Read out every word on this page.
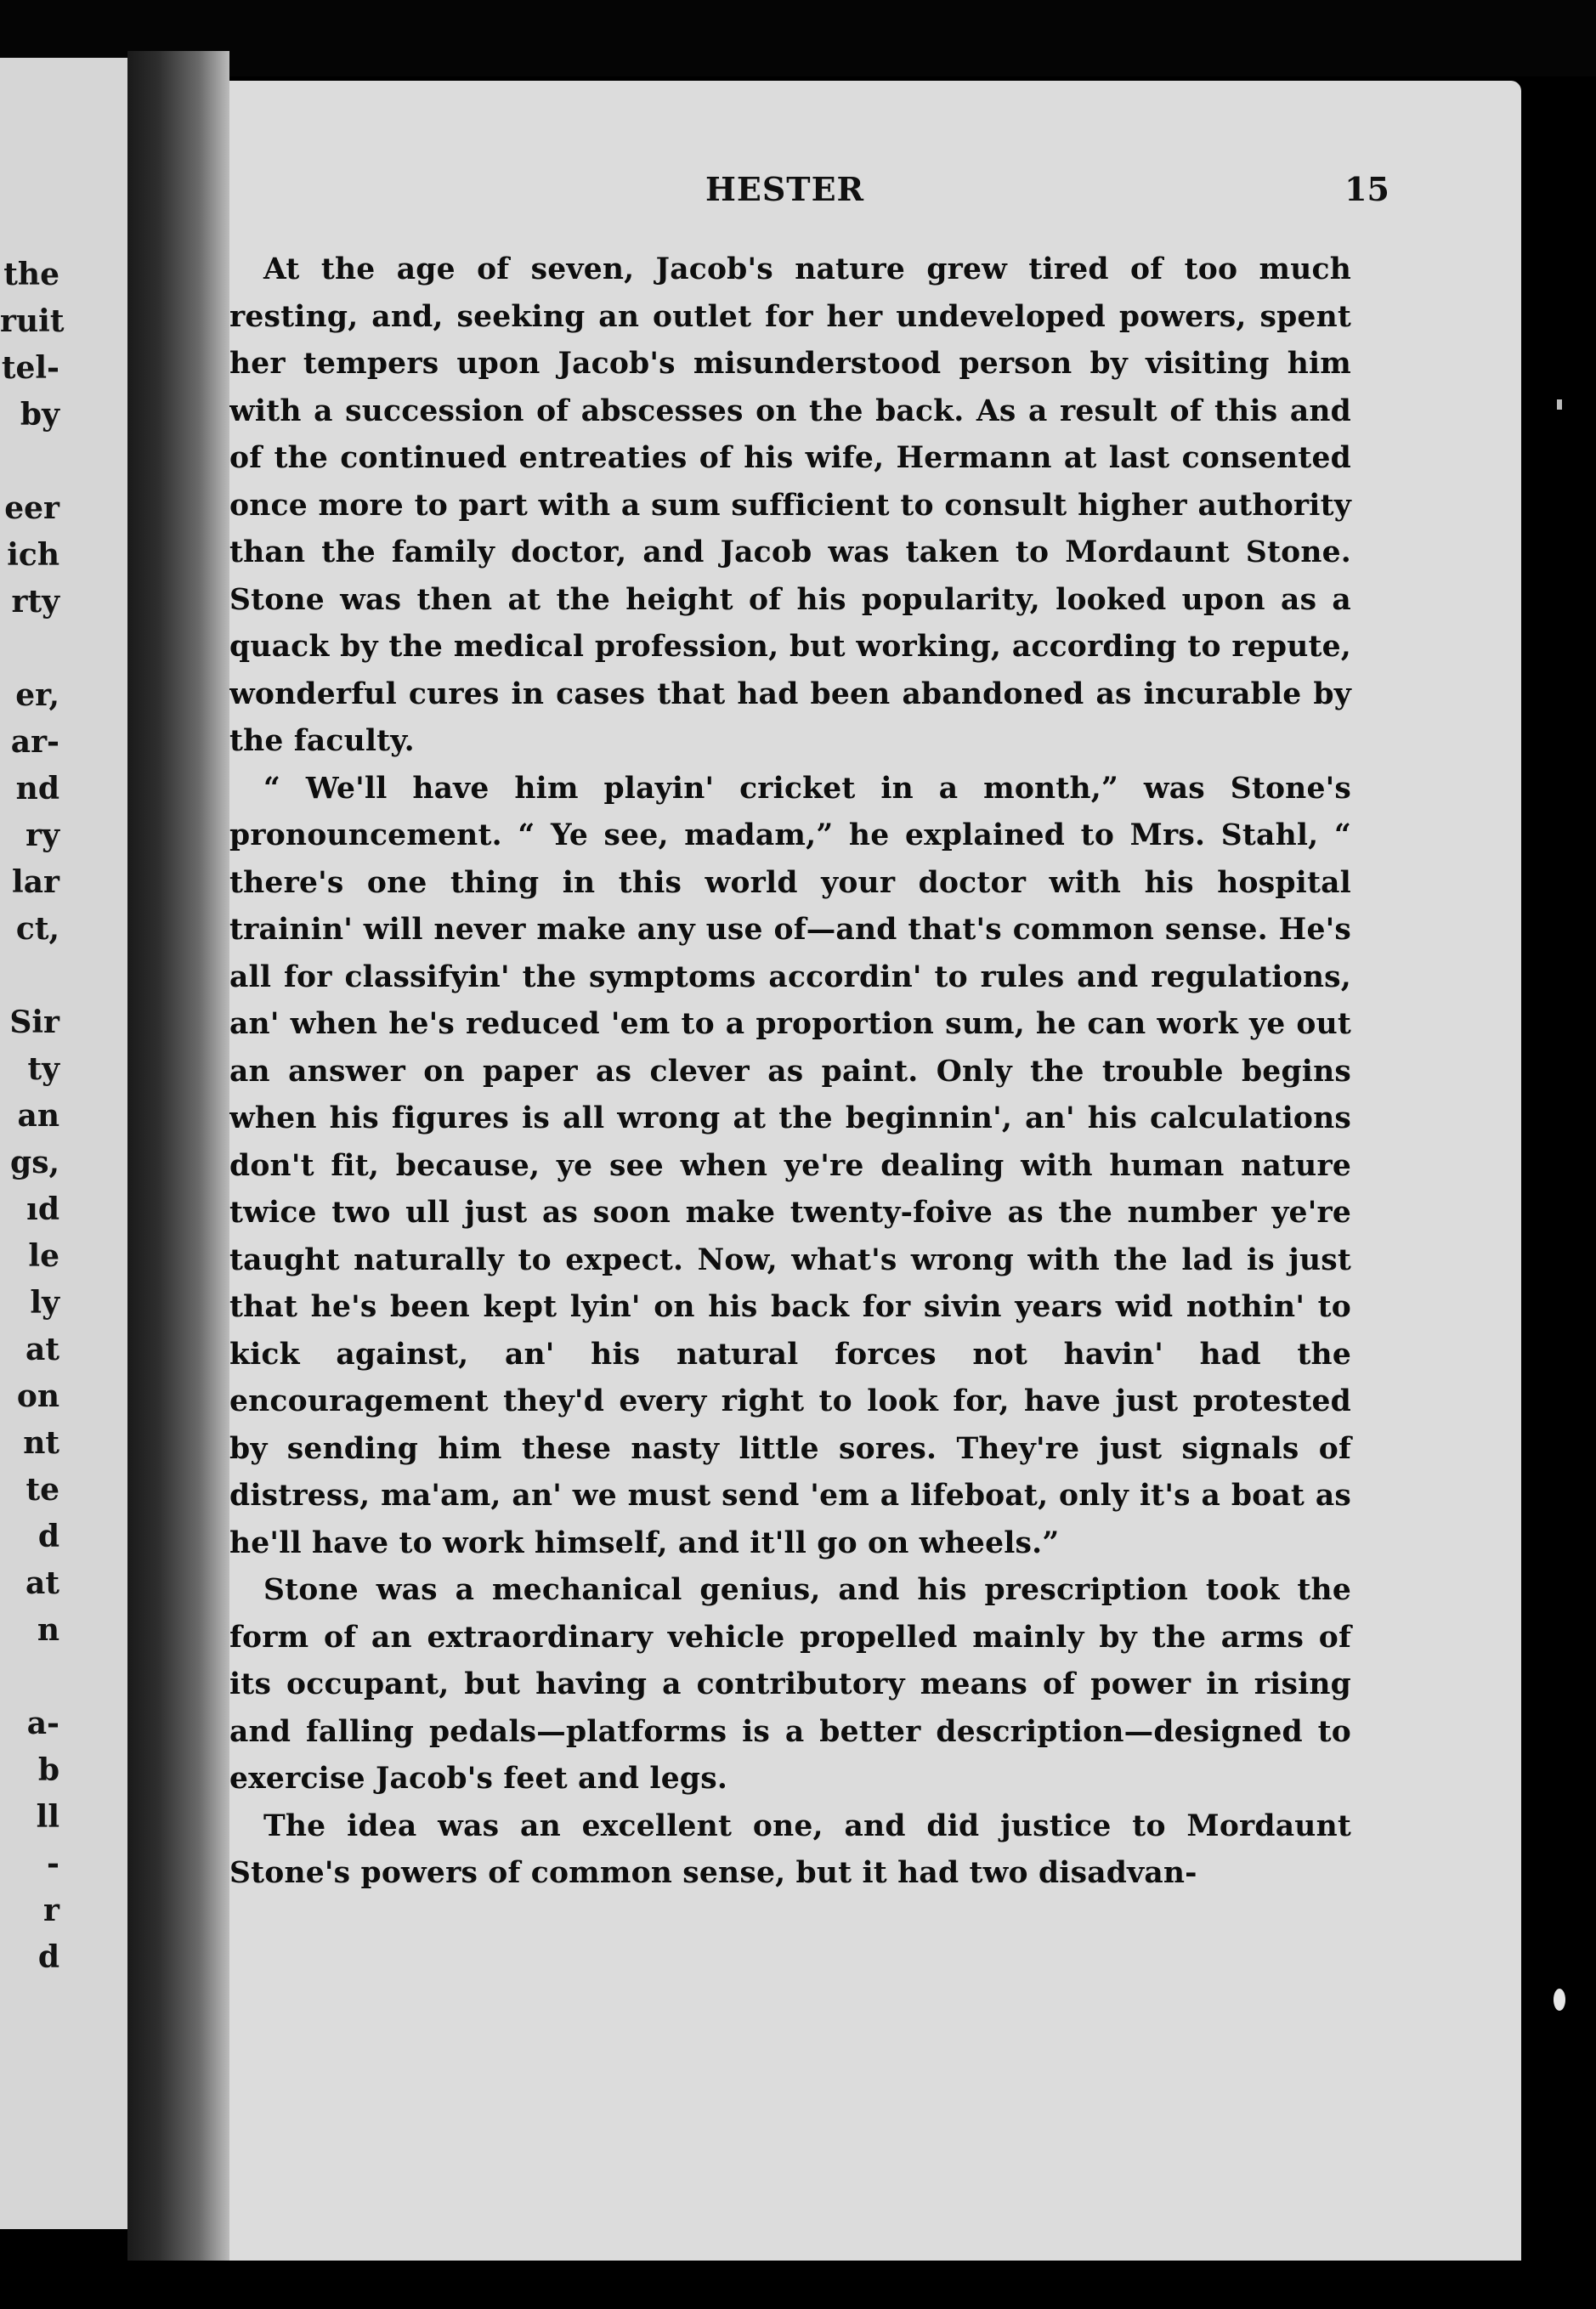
the
ruit
tel-
by
eer
ich
rty
er,
ar-
nd
ry
lar
ct,
Sir
ty
an
gs,
ıd
le
ly
at
on
nt
te
d
at
n
a-
b
ll
-
r
d
HESTER	15

At the age of seven, Jacob's nature grew tired of too much resting, and, seeking an outlet for her undeveloped powers, spent her tempers upon Jacob's misunderstood person by visiting him with a succession of abscesses on the back. As a result of this and of the continued entreaties of his wife, Hermann at last consented once more to part with a sum sufficient to consult higher authority than the family doctor, and Jacob was taken to Mordaunt Stone. Stone was then at the height of his popularity, looked upon as a quack by the medical profession, but working, according to repute, wonderful cures in cases that had been abandoned as incurable by the faculty.

“ We'll have him playin' cricket in a month,” was Stone's pronouncement. “ Ye see, madam,” he explained to Mrs. Stahl, “ there's one thing in this world your doctor with his hospital trainin' will never make any use of—and that's common sense. He's all for classifyin' the symptoms accordin' to rules and regulations, an' when he's reduced 'em to a proportion sum, he can work ye out an answer on paper as clever as paint. Only the trouble begins when his figures is all wrong at the beginnin', an' his calculations don't fit, because, ye see when ye're dealing with human nature twice two ull just as soon make twenty-foive as the number ye're taught naturally to expect. Now, what's wrong with the lad is just that he's been kept lyin' on his back for sivin years wid nothin' to kick against, an' his natural forces not havin' had the encouragement they'd every right to look for, have just protested by sending him these nasty little sores. They're just signals of distress, ma'am, an' we must send 'em a lifeboat, only it's a boat as he'll have to work himself, and it'll go on wheels.”

Stone was a mechanical genius, and his prescription took the form of an extraordinary vehicle propelled mainly by the arms of its occupant, but having a contributory means of power in rising and falling pedals—platforms is a better description—designed to exercise Jacob's feet and legs.

The idea was an excellent one, and did justice to Mordaunt Stone's powers of common sense, but it had two disadvan-
